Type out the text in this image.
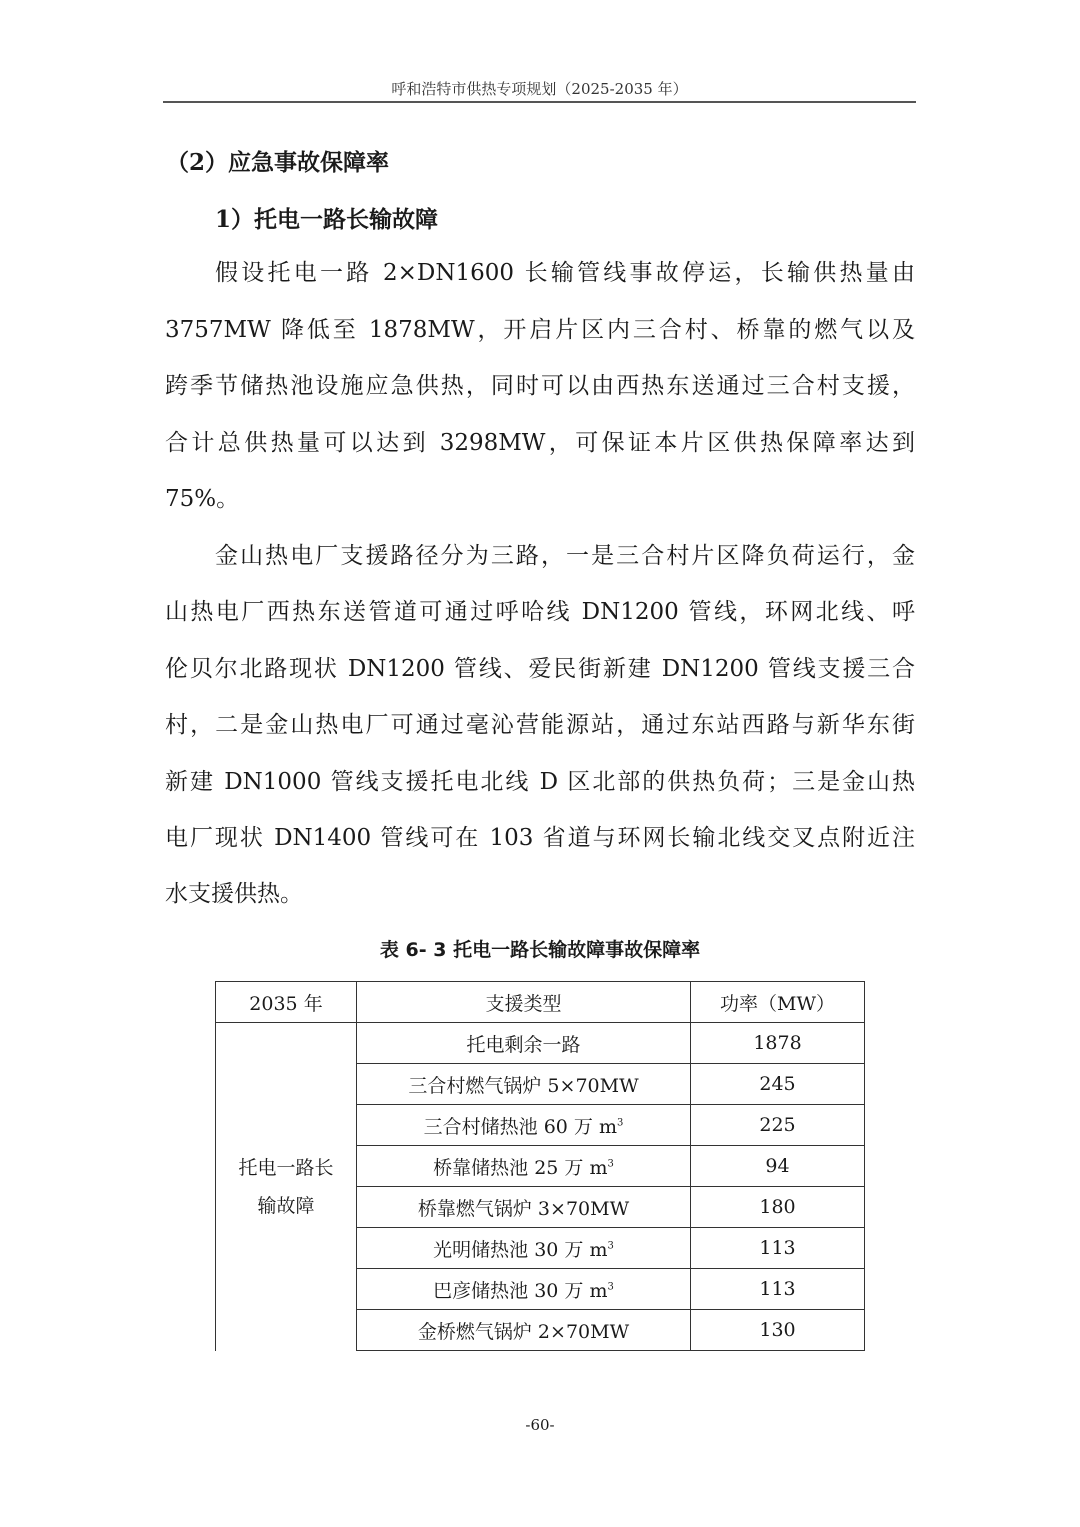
呼和浩特市供热专项规划（2025-2035 年）
（2）应急事故保障率
1）托电一路长输故障
假设托电一路 2×DN1600 长输管线事故停运，长输供热量由
3757MW 降低至 1878MW，开启片区内三合村、桥靠的燃气以及
跨季节储热池设施应急供热，同时可以由西热东送通过三合村支援，
合计总供热量可以达到 3298MW，可保证本片区供热保障率达到
75%。
金山热电厂支援路径分为三路，一是三合村片区降负荷运行，金
山热电厂西热东送管道可通过呼哈线 DN1200 管线，环网北线、呼
伦贝尔北路现状 DN1200 管线、爱民街新建 DN1200 管线支援三合
村，二是金山热电厂可通过毫沁营能源站，通过东站西路与新华东街
新建 DN1000 管线支援托电北线 D 区北部的供热负荷；三是金山热
电厂现状 DN1400 管线可在 103 省道与环网长输北线交叉点附近注
水支援供热。
表 6- 3 托电一路长输故障事故保障率
2035 年	支援类型	功率（MW）

托电一路长
输故障	托电剩余一路	1878
	三合村燃气锅炉 5×70MW	245
	三合村储热池 60 万 $m^3$	225
	桥靠储热池 25 万 $m^3$	94
	桥靠燃气锅炉 3×70MW	180
	光明储热池 30 万 $m^3$	113
	巴彦储热池 30 万 $m^3$	113
	金桥燃气锅炉 2×70MW	130
-60-
